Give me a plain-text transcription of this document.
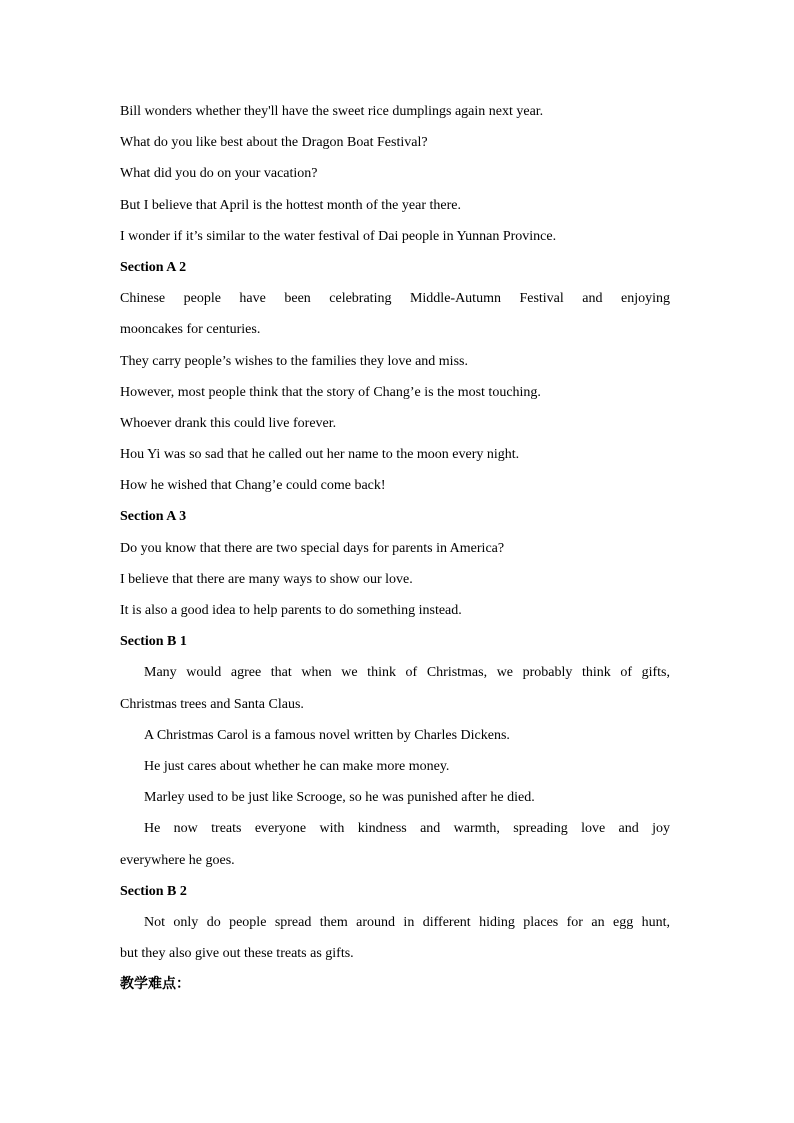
Bill wonders whether they'll have the sweet rice dumplings again next year.
What do you like best about the Dragon Boat Festival?
What did you do on your vacation?
But I believe that April is the hottest month of the year there.
I wonder if it’s similar to the water festival of Dai people in Yunnan Province.
Section A 2
Chinese people have been celebrating Middle-Autumn Festival and enjoying
mooncakes for centuries.
They carry people’s wishes to the families they love and miss.
However, most people think that the story of Chang’e is the most touching.
Whoever drank this could live forever.
Hou Yi was so sad that he called out her name to the moon every night.
How he wished that Chang’e could come back!
Section A 3
Do you know that there are two special days for parents in America?
I believe that there are many ways to show our love.
It is also a good idea to help parents to do something instead.
Section B 1
Many would agree that when we think of Christmas, we probably think of gifts,
Christmas trees and Santa Claus.
A Christmas Carol is a famous novel written by Charles Dickens.
He just cares about whether he can make more money.
Marley used to be just like Scrooge, so he was punished after he died.
He now treats everyone with kindness and warmth, spreading love and joy
everywhere he goes.
Section B 2
Not only do people spread them around in different hiding places for an egg hunt,
but they also give out these treats as gifts.
教学难点：
